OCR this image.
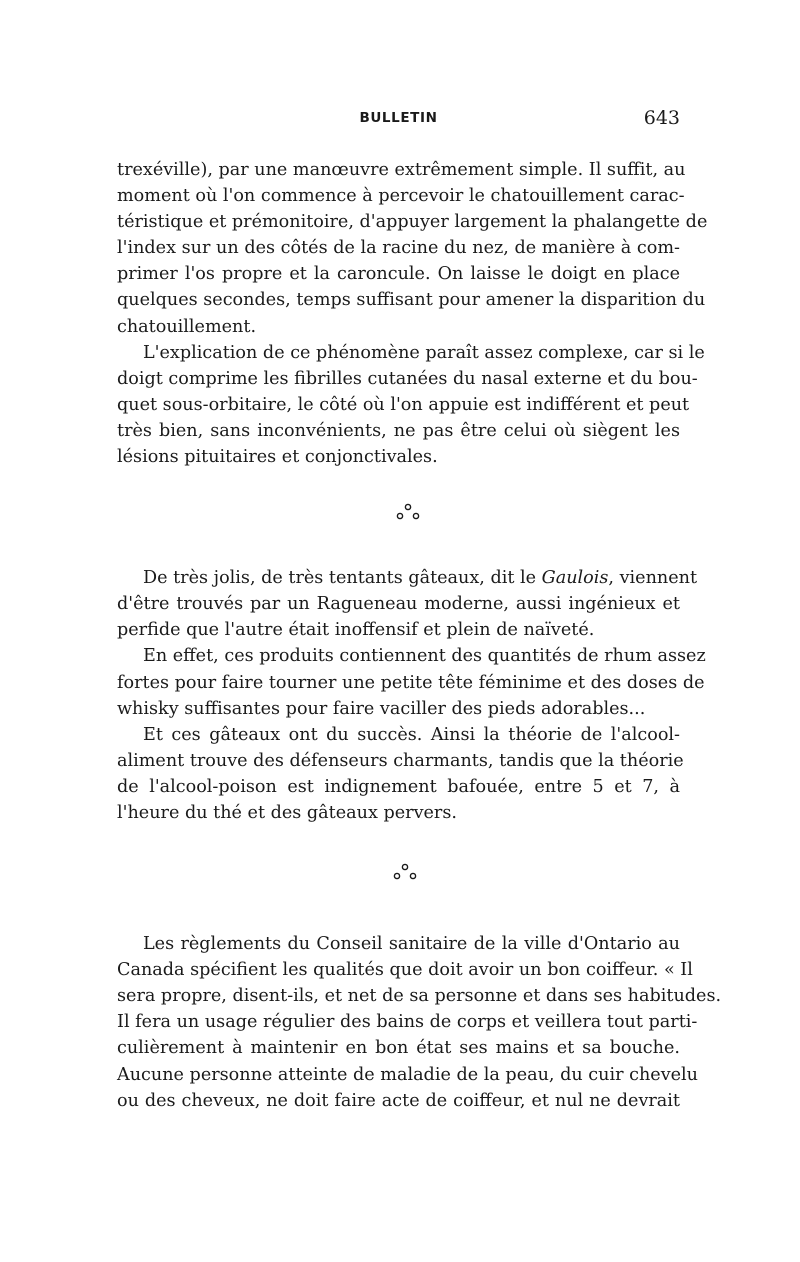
BULLETIN	643
trexéville), par une manœuvre extrêmement simple. Il suffit, au
moment où l'on commence à percevoir le chatouillement carac-
téristique et prémonitoire, d'appuyer largement la phalangette de
l'index sur un des côtés de la racine du nez, de manière à com-
primer l'os propre et la caroncule. On laisse le doigt en place
quelques secondes, temps suffisant pour amener la disparition du
chatouillement.
L'explication de ce phénomène paraît assez complexe, car si le
doigt comprime les fibrilles cutanées du nasal externe et du bou-
quet sous-orbitaire, le côté où l'on appuie est indifférent et peut
très bien, sans inconvénients, ne pas être celui où siègent les
lésions pituitaires et conjonctivales.
De très jolis, de très tentants gâteaux, dit le Gaulois, viennent
d'être trouvés par un Ragueneau moderne, aussi ingénieux et
perfide que l'autre était inoffensif et plein de naïveté.
En effet, ces produits contiennent des quantités de rhum assez
fortes pour faire tourner une petite tête féminime et des doses de
whisky suffisantes pour faire vaciller des pieds adorables...
Et ces gâteaux ont du succès. Ainsi la théorie de l'alcool-
aliment trouve des défenseurs charmants, tandis que la théorie
de l'alcool-poison est indignement bafouée, entre 5 et 7, à
l'heure du thé et des gâteaux pervers.
Les règlements du Conseil sanitaire de la ville d'Ontario au
Canada spécifient les qualités que doit avoir un bon coiffeur. « Il
sera propre, disent-ils, et net de sa personne et dans ses habitudes.
Il fera un usage régulier des bains de corps et veillera tout parti-
culièrement à maintenir en bon état ses mains et sa bouche.
Aucune personne atteinte de maladie de la peau, du cuir chevelu
ou des cheveux, ne doit faire acte de coiffeur, et nul ne devrait
